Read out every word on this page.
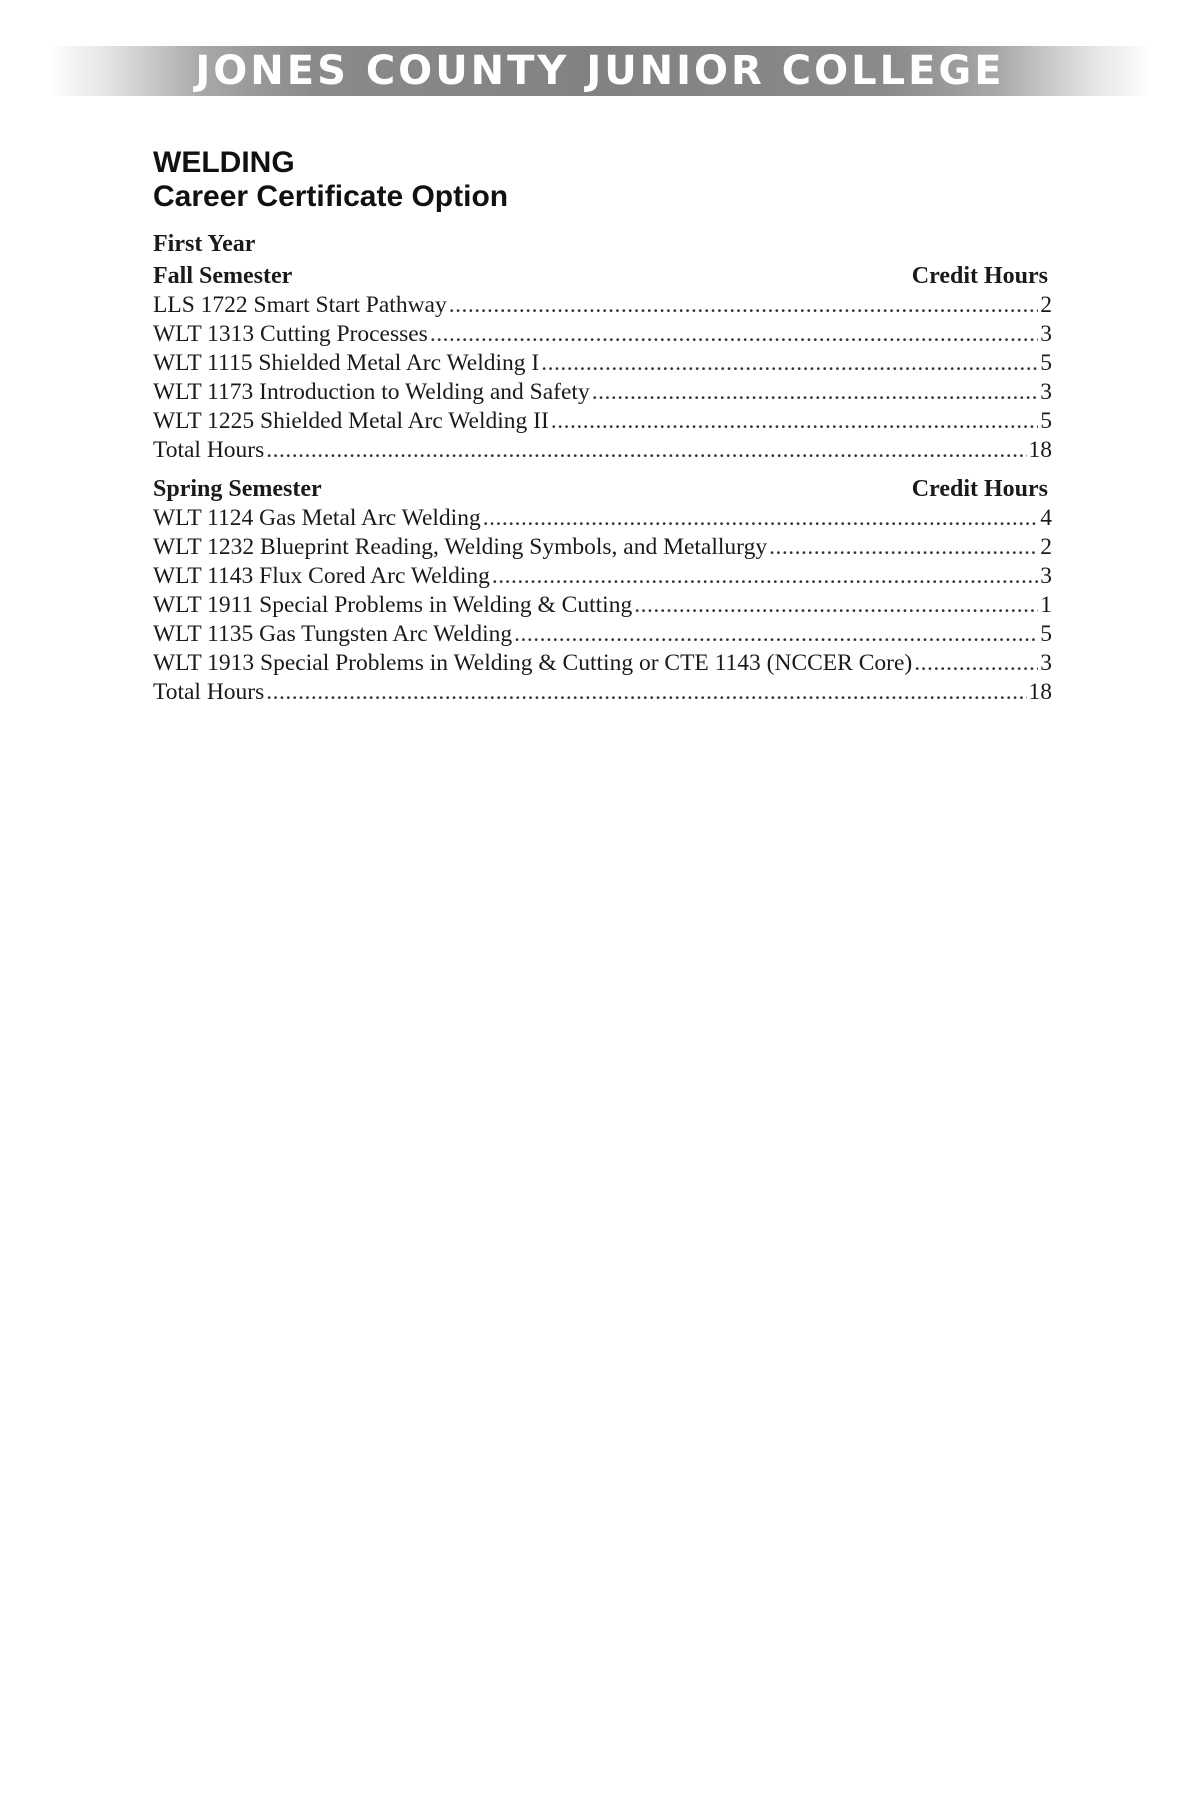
JONES COUNTY JUNIOR COLLEGE
WELDING
Career Certificate Option
First Year
Fall Semester	Credit Hours
LLS 1722 Smart Start Pathway .....	2
WLT 1313 Cutting Processes .....	3
WLT 1115 Shielded Metal Arc Welding I .....	5
WLT 1173 Introduction to Welding and Safety .....	3
WLT 1225 Shielded Metal Arc Welding II .....	5
Total Hours .....	18
Spring Semester	Credit Hours
WLT 1124 Gas Metal Arc Welding .....	4
WLT 1232 Blueprint Reading, Welding Symbols, and Metallurgy .....	2
WLT 1143 Flux Cored Arc Welding .....	3
WLT 1911 Special Problems in Welding & Cutting .....	1
WLT 1135 Gas Tungsten Arc Welding .....	5
WLT 1913 Special Problems in Welding & Cutting or CTE 1143 (NCCER Core) .....	3
Total Hours .....	18
